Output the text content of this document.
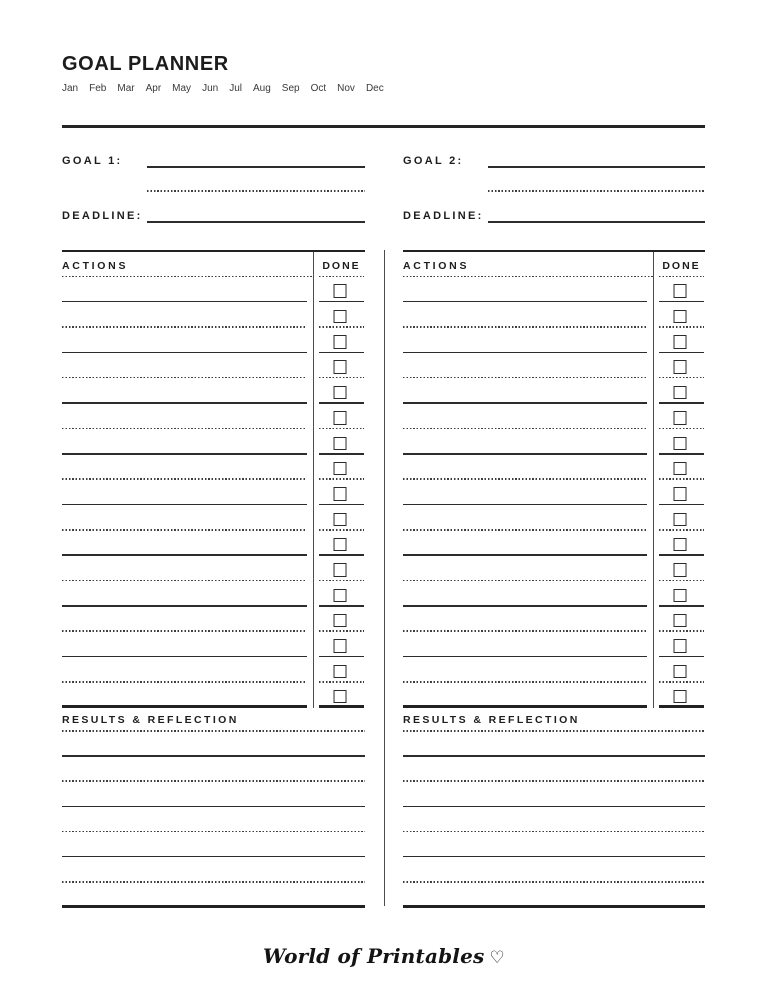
GOAL PLANNER
Jan Feb Mar Apr May Jun Jul Aug Sep Oct Nov Dec
GOAL 1:
DEADLINE:
ACTIONS	DONE
RESULTS & REFLECTION
GOAL 2:
DEADLINE:
ACTIONS	DONE
RESULTS & REFLECTION
World of Printables ♡
